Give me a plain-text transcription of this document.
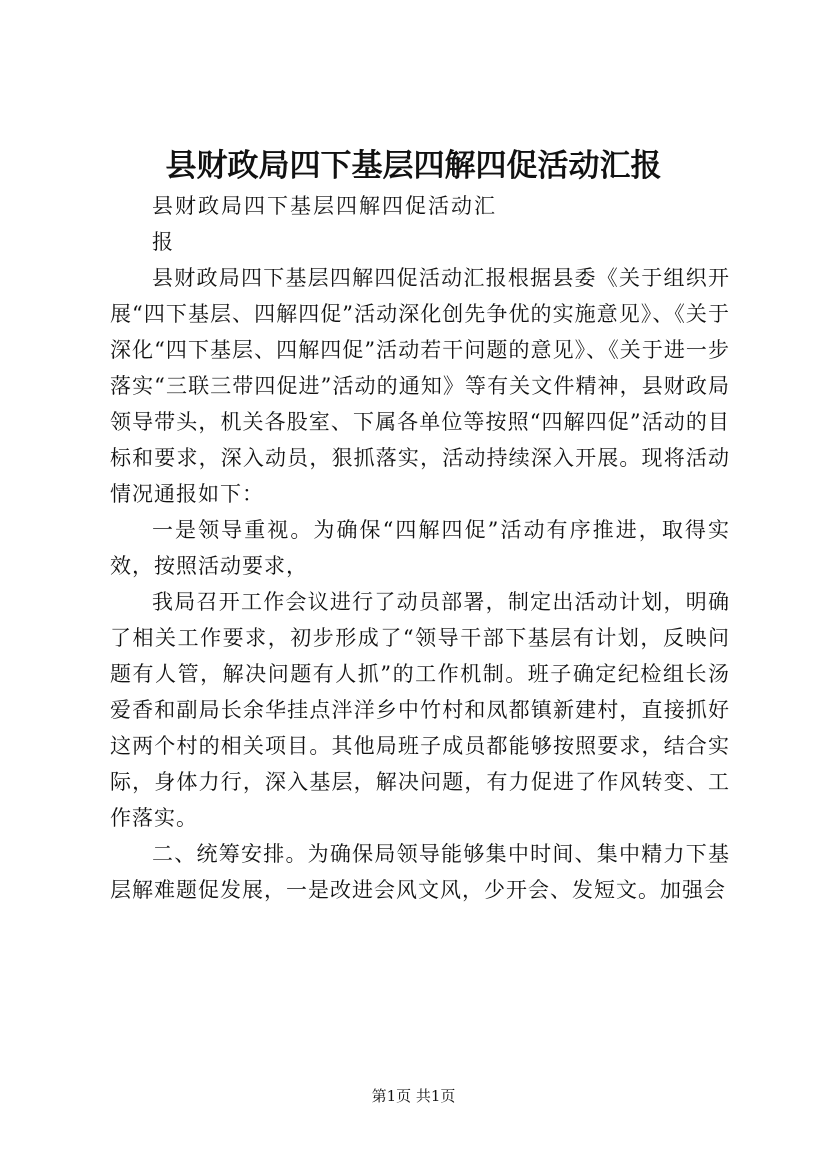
县财政局四下基层四解四促活动汇报

县财政局四下基层四解四促活动汇

报

县财政局四下基层四解四促活动汇报根据县委《关于组织开展“四下基层、四解四促”活动深化创先争优的实施意见》、《关于深化“四下基层、四解四促”活动若干问题的意见》、《关于进一步落实“三联三带四促进”活动的通知》等有关文件精神，县财政局领导带头，机关各股室、下属各单位等按照“四解四促”活动的目标和要求，深入动员，狠抓落实，活动持续深入开展。现将活动情况通报如下：

一是领导重视。为确保“四解四促”活动有序推进，取得实效，按照活动要求，

我局召开工作会议进行了动员部署，制定出活动计划，明确了相关工作要求，初步形成了“领导干部下基层有计划，反映问题有人管，解决问题有人抓”的工作机制。班子确定纪检组长汤爱香和副局长余华挂点泮洋乡中竹村和凤都镇新建村，直接抓好这两个村的相关项目。其他局班子成员都能够按照要求，结合实际，身体力行，深入基层，解决问题，有力促进了作风转变、工作落实。

二、统筹安排。为确保局领导能够集中时间、集中精力下基层解难题促发展，一是改进会风文风，少开会、发短文。加强会

第1页 共1页
